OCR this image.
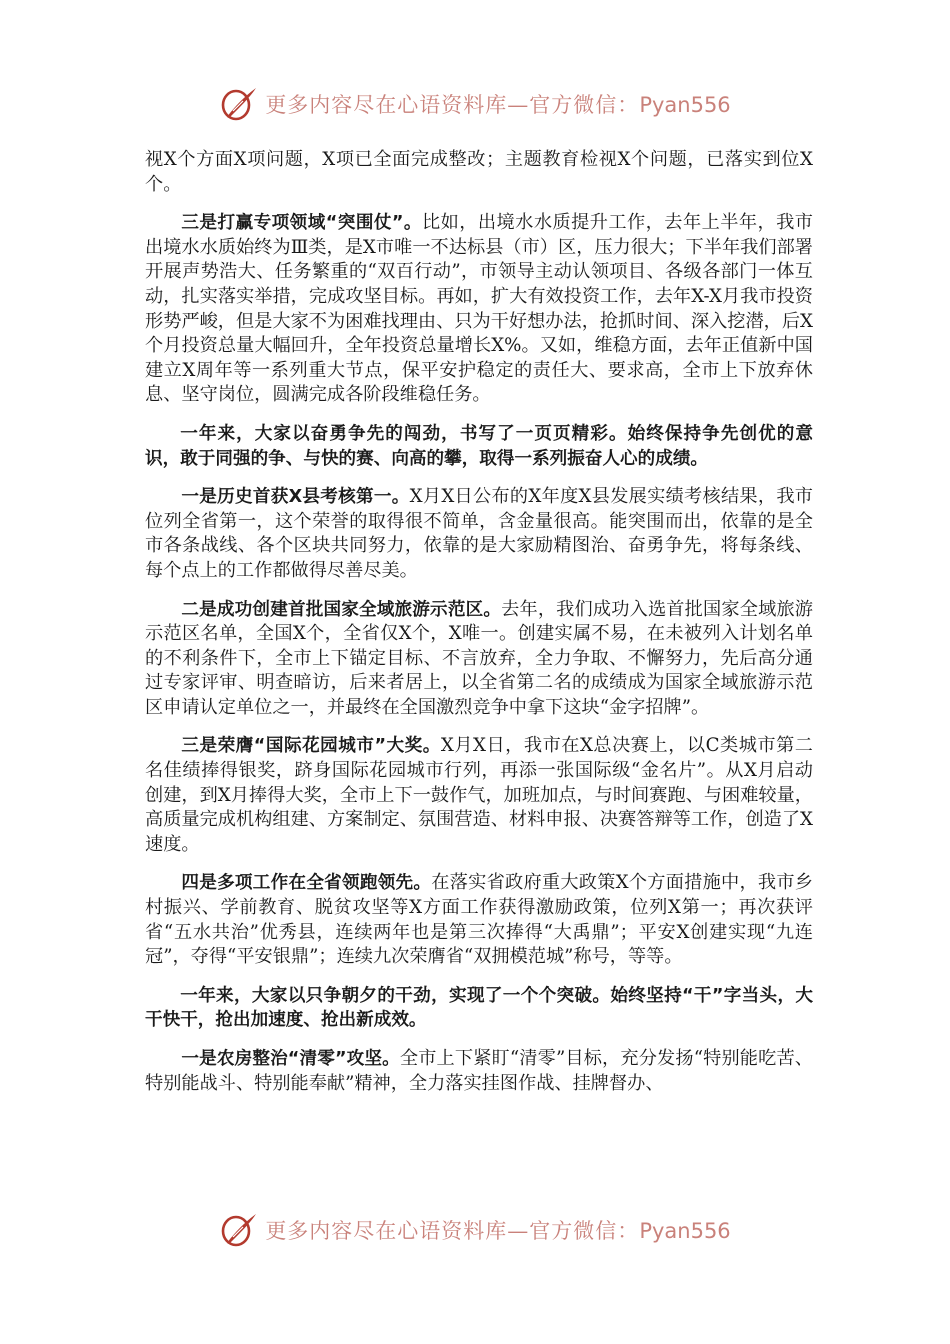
更多内容尽在心语资料库—官方微信：Pyan556

视X个方面X项问题，X项已全面完成整改；主题教育检视X个问题，已落实到位X个。

三是打赢专项领域“突围仗”。比如，出境水水质提升工作，去年上半年，我市出境水水质始终为Ⅲ类，是X市唯一不达标县（市）区，压力很大；下半年我们部署开展声势浩大、任务繁重的“双百行动”，市领导主动认领项目、各级各部门一体互动，扎实落实举措，完成攻坚目标。再如，扩大有效投资工作，去年X-X月我市投资形势严峻，但是大家不为困难找理由、只为干好想办法，抢抓时间、深入挖潜，后X个月投资总量大幅回升，全年投资总量增长X%。又如，维稳方面，去年正值新中国建立X周年等一系列重大节点，保平安护稳定的责任大、要求高，全市上下放弃休息、坚守岗位，圆满完成各阶段维稳任务。

一年来，大家以奋勇争先的闯劲，书写了一页页精彩。始终保持争先创优的意识，敢于同强的争、与快的赛、向高的攀，取得一系列振奋人心的成绩。

一是历史首获X县考核第一。X月X日公布的X年度X县发展实绩考核结果，我市位列全省第一，这个荣誉的取得很不简单，含金量很高。能突围而出，依靠的是全市各条战线、各个区块共同努力，依靠的是大家励精图治、奋勇争先，将每条线、每个点上的工作都做得尽善尽美。

二是成功创建首批国家全域旅游示范区。去年，我们成功入选首批国家全域旅游示范区名单，全国X个，全省仅X个，X唯一。创建实属不易，在未被列入计划名单的不利条件下，全市上下锚定目标、不言放弃，全力争取、不懈努力，先后高分通过专家评审、明查暗访，后来者居上，以全省第二名的成绩成为国家全域旅游示范区申请认定单位之一，并最终在全国激烈竞争中拿下这块“金字招牌”。

三是荣膺“国际花园城市”大奖。X月X日，我市在X总决赛上，以C类城市第二名佳绩捧得银奖，跻身国际花园城市行列，再添一张国际级“金名片”。从X月启动创建，到X月捧得大奖，全市上下一鼓作气，加班加点，与时间赛跑、与困难较量，高质量完成机构组建、方案制定、氛围营造、材料申报、决赛答辩等工作，创造了X速度。

四是多项工作在全省领跑领先。在落实省政府重大政策X个方面措施中，我市乡村振兴、学前教育、脱贫攻坚等X方面工作获得激励政策，位列X第一；再次获评省“五水共治”优秀县，连续两年也是第三次捧得“大禹鼎”；平安X创建实现“九连冠”，夺得“平安银鼎”；连续九次荣膺省“双拥模范城”称号，等等。

一年来，大家以只争朝夕的干劲，实现了一个个突破。始终坚持“干”字当头，大干快干，抢出加速度、抢出新成效。

一是农房整治“清零”攻坚。全市上下紧盯“清零”目标，充分发扬“特别能吃苦、特别能战斗、特别能奉献”精神，全力落实挂图作战、挂牌督办、

更多内容尽在心语资料库—官方微信：Pyan556
